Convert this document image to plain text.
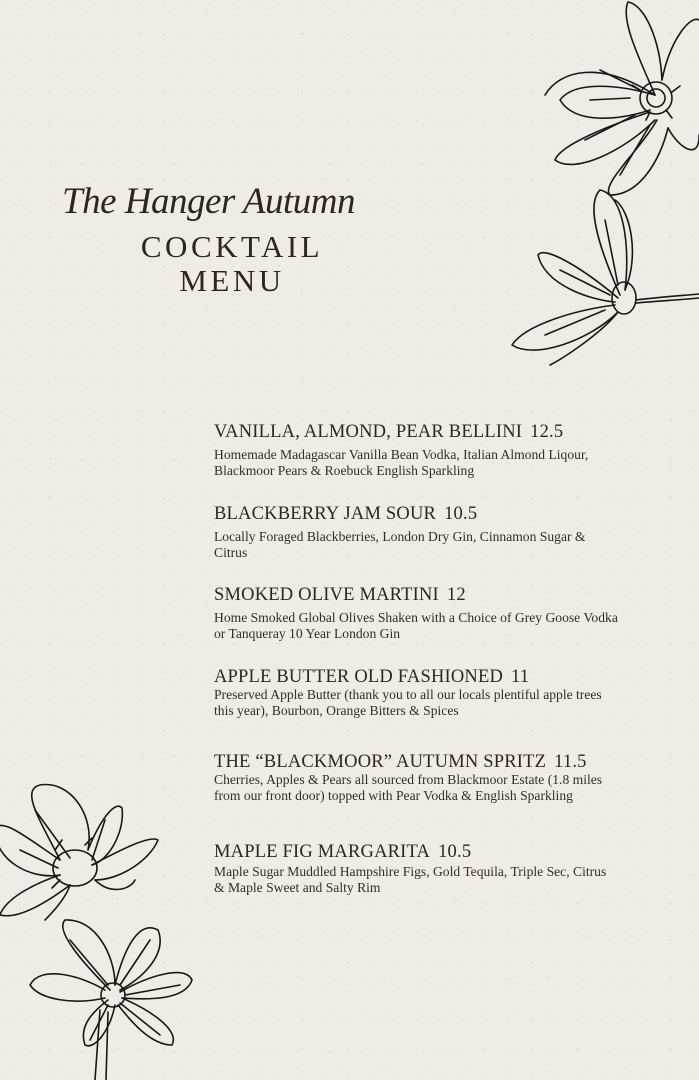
The Hanger Autumn
COCKTAIL
MENU
VANILLA, ALMOND, PEAR BELLINI 12.5
Homemade Madagascar Vanilla Bean Vodka, Italian Almond Liqour, Blackmoor Pears & Roebuck English Sparkling
BLACKBERRY JAM SOUR 10.5
Locally Foraged Blackberries, London Dry Gin, Cinnamon Sugar & Citrus
SMOKED OLIVE MARTINI 12
Home Smoked Global Olives Shaken with a Choice of Grey Goose Vodka or Tanqueray 10 Year London Gin
APPLE BUTTER OLD FASHIONED 11
Preserved Apple Butter (thank you to all our locals plentiful apple trees this year), Bourbon, Orange Bitters & Spices
THE “BLACKMOOR” AUTUMN SPRITZ 11.5
Cherries, Apples & Pears all sourced from Blackmoor Estate (1.8 miles from our front door) topped with Pear Vodka & English Sparkling
MAPLE FIG MARGARITA 10.5
Maple Sugar Muddled Hampshire Figs, Gold Tequila, Triple Sec, Citrus & Maple Sweet and Salty Rim
